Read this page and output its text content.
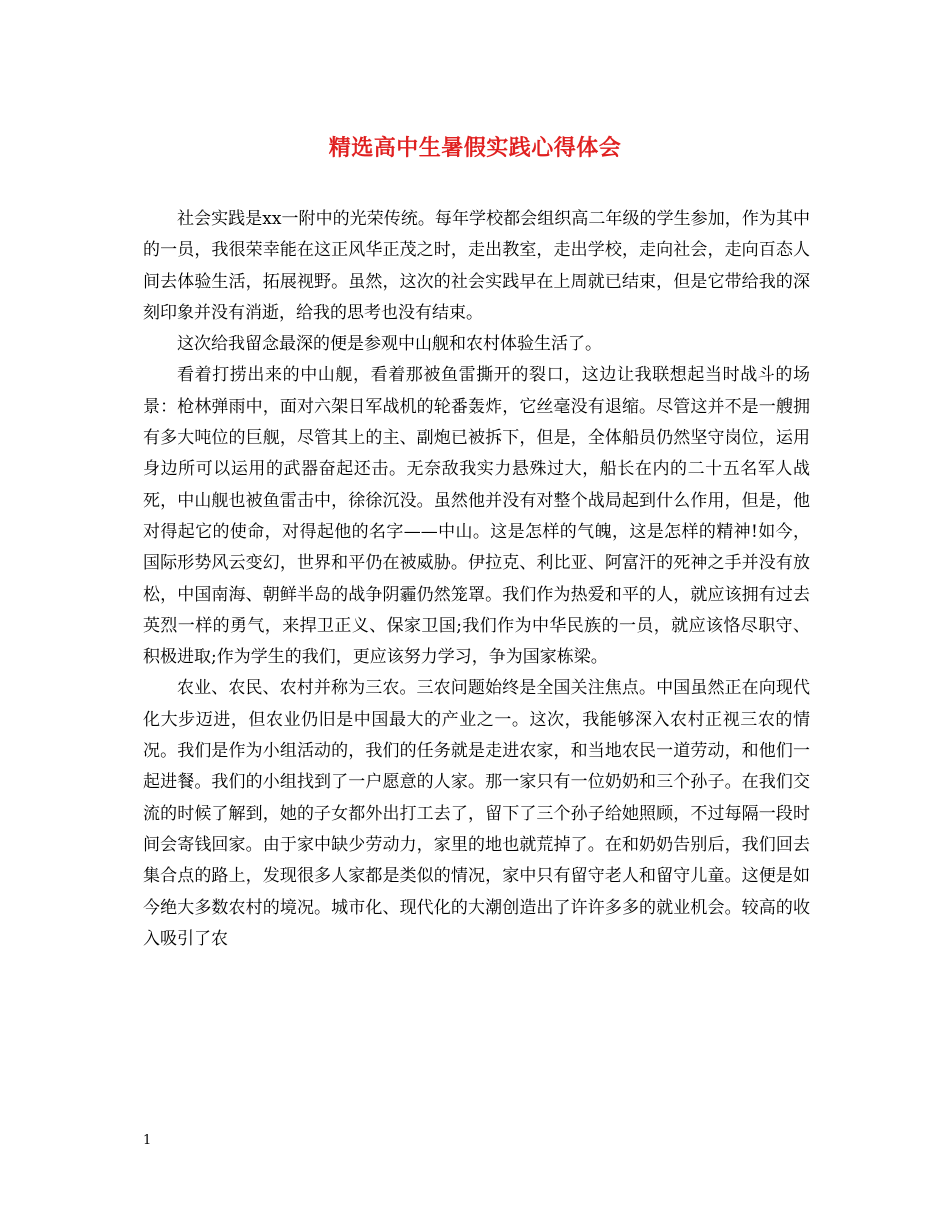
精选高中生暑假实践心得体会

社会实践是xx一附中的光荣传统。每年学校都会组织高二年级的学生参加，作为其中的一员，我很荣幸能在这正风华正茂之时，走出教室，走出学校，走向社会，走向百态人间去体验生活，拓展视野。虽然，这次的社会实践早在上周就已结束，但是它带给我的深刻印象并没有消逝，给我的思考也没有结束。

这次给我留念最深的便是参观中山舰和农村体验生活了。

看着打捞出来的中山舰，看着那被鱼雷撕开的裂口，这边让我联想起当时战斗的场景：枪林弹雨中，面对六架日军战机的轮番轰炸，它丝毫没有退缩。尽管这并不是一艘拥有多大吨位的巨舰，尽管其上的主、副炮已被拆下，但是，全体船员仍然坚守岗位，运用身边所可以运用的武器奋起还击。无奈敌我实力悬殊过大，船长在内的二十五名军人战死，中山舰也被鱼雷击中，徐徐沉没。虽然他并没有对整个战局起到什么作用，但是，他对得起它的使命，对得起他的名字——中山。这是怎样的气魄，这是怎样的精神!如今，国际形势风云变幻，世界和平仍在被威胁。伊拉克、利比亚、阿富汗的死神之手并没有放松，中国南海、朝鲜半岛的战争阴霾仍然笼罩。我们作为热爱和平的人，就应该拥有过去英烈一样的勇气，来捍卫正义、保家卫国;我们作为中华民族的一员，就应该恪尽职守、积极进取;作为学生的我们，更应该努力学习，争为国家栋梁。

农业、农民、农村并称为三农。三农问题始终是全国关注焦点。中国虽然正在向现代化大步迈进，但农业仍旧是中国最大的产业之一。这次，我能够深入农村正视三农的情况。我们是作为小组活动的，我们的任务就是走进农家，和当地农民一道劳动，和他们一起进餐。我们的小组找到了一户愿意的人家。那一家只有一位奶奶和三个孙子。在我们交流的时候了解到，她的子女都外出打工去了，留下了三个孙子给她照顾，不过每隔一段时间会寄钱回家。由于家中缺少劳动力，家里的地也就荒掉了。在和奶奶告别后，我们回去集合点的路上，发现很多人家都是类似的情况，家中只有留守老人和留守儿童。这便是如今绝大多数农村的境况。城市化、现代化的大潮创造出了许许多多的就业机会。较高的收入吸引了农

1
